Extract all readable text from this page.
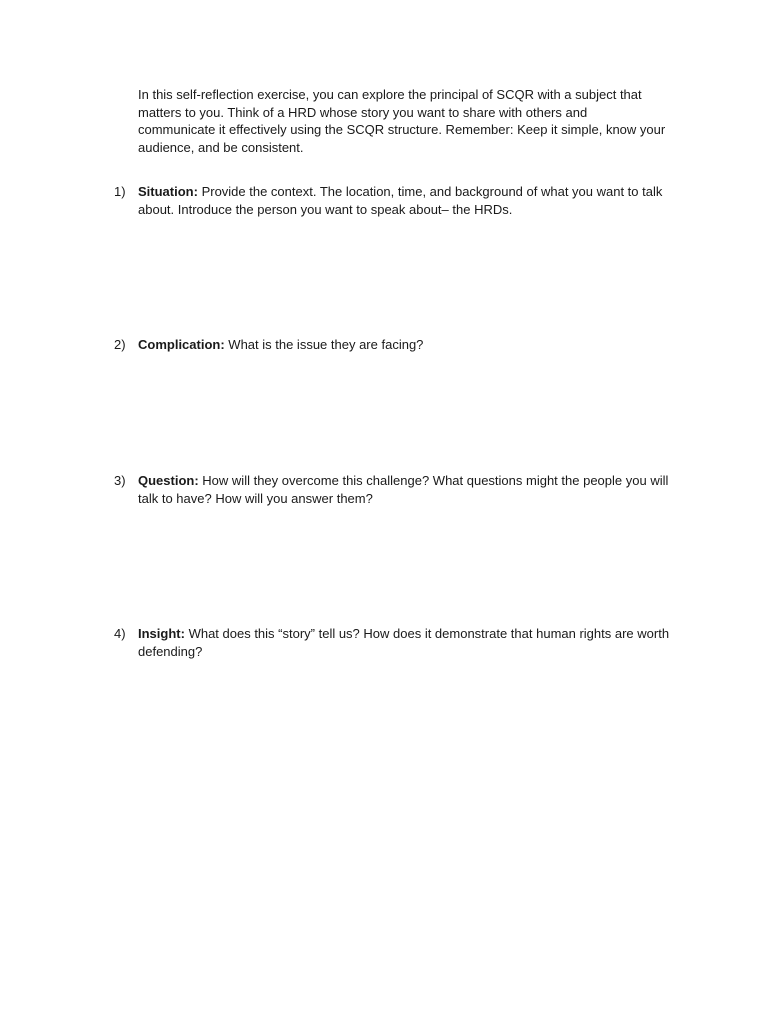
In this self-reflection exercise, you can explore the principal of SCQR with a subject that matters to you. Think of a HRD whose story you want to share with others and communicate it effectively using the SCQR structure. Remember: Keep it simple, know your audience, and be consistent.

1) Situation: Provide the context. The location, time, and background of what you want to talk about. Introduce the person you want to speak about– the HRDs.

2) Complication: What is the issue they are facing?

3) Question: How will they overcome this challenge? What questions might the people you will talk to have? How will you answer them?

4) Insight: What does this “story” tell us? How does it demonstrate that human rights are worth defending?
